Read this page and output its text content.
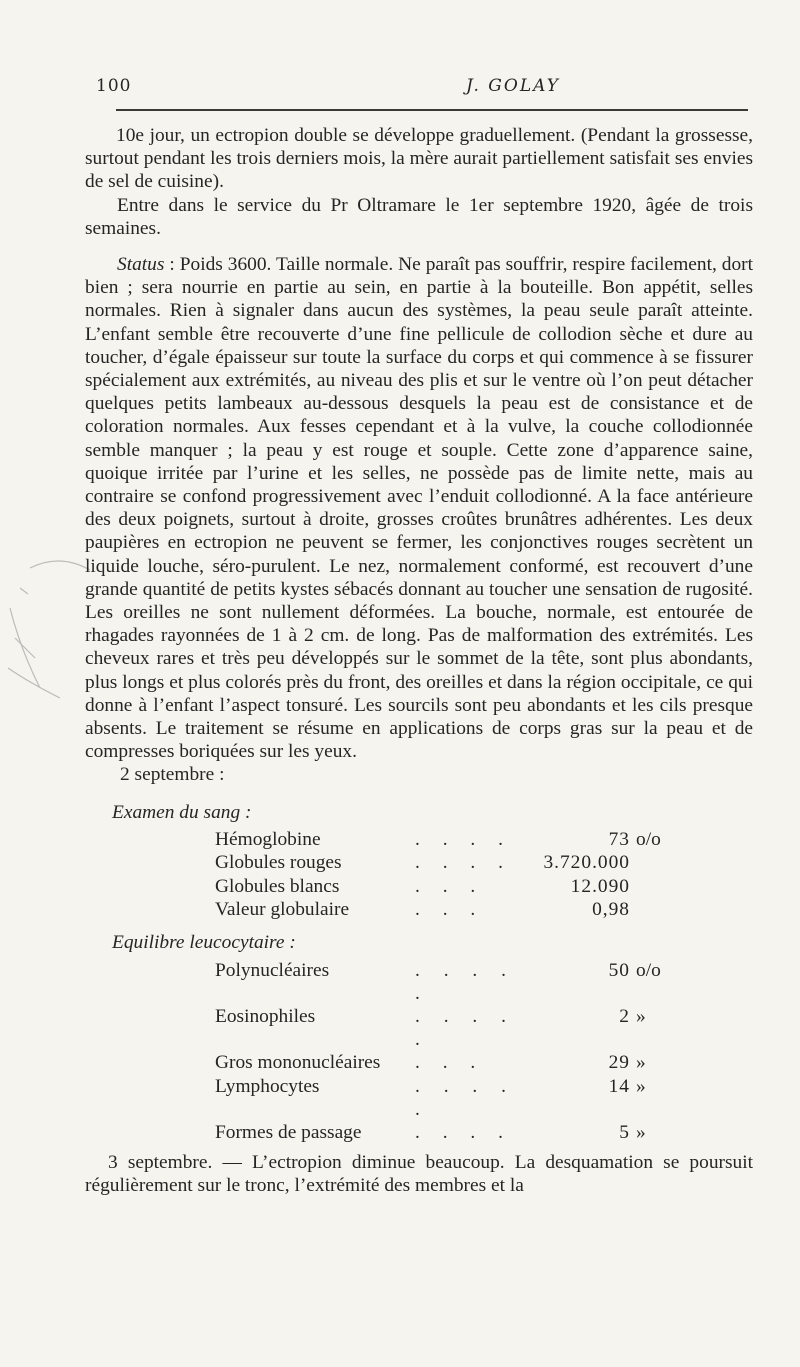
100	J. GOLAY

10e jour, un ectropion double se développe graduellement. (Pendant la grossesse, surtout pendant les trois derniers mois, la mère aurait partiellement satisfait ses envies de sel de cuisine).

Entre dans le service du Pr Oltramare le 1er septembre 1920, âgée de trois semaines.

Status : Poids 3600. Taille normale. Ne paraît pas souffrir, respire facilement, dort bien ; sera nourrie en partie au sein, en partie à la bouteille. Bon appétit, selles normales. Rien à signaler dans aucun des systèmes, la peau seule paraît atteinte. L’enfant semble être recouverte d’une fine pellicule de collodion sèche et dure au toucher, d’égale épaisseur sur toute la surface du corps et qui commence à se fissurer spécialement aux extrémités, au niveau des plis et sur le ventre où l’on peut détacher quelques petits lambeaux au-dessous desquels la peau est de consistance et de coloration normales. Aux fesses cependant et à la vulve, la couche collodionnée semble manquer ; la peau y est rouge et souple. Cette zone d’apparence saine, quoique irritée par l’urine et les selles, ne possède pas de limite nette, mais au contraire se confond progressivement avec l’enduit collodionné. A la face antérieure des deux poignets, surtout à droite, grosses croûtes brunâtres adhérentes. Les deux paupières en ectropion ne peuvent se fermer, les conjonctives rouges secrètent un liquide louche, séro-purulent. Le nez, normalement conformé, est recouvert d’une grande quantité de petits kystes sébacés donnant au toucher une sensation de rugosité. Les oreilles ne sont nullement déformées. La bouche, normale, est entourée de rhagades rayonnées de 1 à 2 cm. de long. Pas de malformation des extrémités. Les cheveux rares et très peu développés sur le sommet de la tête, sont plus abondants, plus longs et plus colorés près du front, des oreilles et dans la région occipitale, ce qui donne à l’enfant l’aspect tonsuré. Les sourcils sont peu abondants et les cils presque absents. Le traitement se résume en applications de corps gras sur la peau et de compresses boriquées sur les yeux.

2 septembre :

Examen du sang :
Hémoglobine	. . . .	73	o/o
Globules rouges	. . . .	3.720.000	
Globules blancs	. . .	12.090	
Valeur globulaire	. . .	0,98	
Equilibre leucocytaire :
Polynucléaires	. . . . .	50	o/o
Eosinophiles	. . . . .	2	»
Gros mononucléaires	. . .	29	»
Lymphocytes	. . . . .	14	»
Formes de passage	. . . .	5	»

3 septembre. — L’ectropion diminue beaucoup. La desquamation se poursuit régulièrement sur le tronc, l’extrémité des membres et la
